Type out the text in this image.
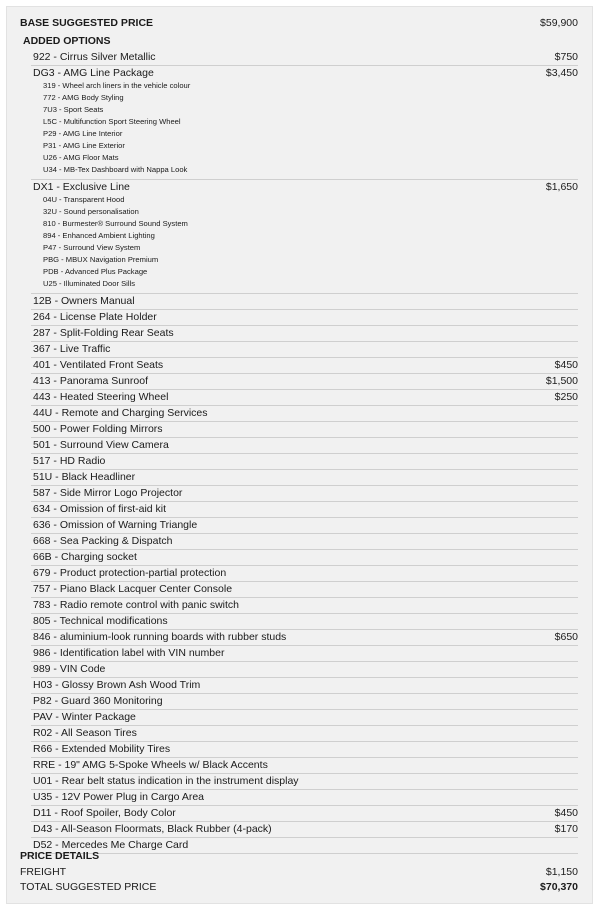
BASE SUGGESTED PRICE	$59,900
ADDED OPTIONS
922 - Cirrus Silver Metallic	$750
DG3 - AMG Line Package	$3,450
319 - Wheel arch liners in the vehicle colour
772 - AMG Body Styling
7U3 - Sport Seats
L5C - Multifunction Sport Steering Wheel
P29 - AMG Line Interior
P31 - AMG Line Exterior
U26 - AMG Floor Mats
U34 - MB-Tex Dashboard with Nappa Look
DX1 - Exclusive Line	$1,650
04U - Transparent Hood
32U - Sound personalisation
810 - Burmester® Surround Sound System
894 - Enhanced Ambient Lighting
P47 - Surround View System
PBG - MBUX Navigation Premium
PDB - Advanced Plus Package
U25 - Illuminated Door Sills
12B - Owners Manual
264 - License Plate Holder
287 - Split-Folding Rear Seats
367 - Live Traffic
401 - Ventilated Front Seats	$450
413 - Panorama Sunroof	$1,500
443 - Heated Steering Wheel	$250
44U - Remote and Charging Services
500 - Power Folding Mirrors
501 - Surround View Camera
517 - HD Radio
51U - Black Headliner
587 - Side Mirror Logo Projector
634 - Omission of first-aid kit
636 - Omission of Warning Triangle
668 - Sea Packing & Dispatch
66B - Charging socket
679 - Product protection-partial protection
757 - Piano Black Lacquer Center Console
783 - Radio remote control with panic switch
805 - Technical modifications
846 - aluminium-look running boards with rubber studs	$650
986 - Identification label with VIN number
989 - VIN Code
H03 - Glossy Brown Ash Wood Trim
P82 - Guard 360 Monitoring
PAV - Winter Package
R02 - All Season Tires
R66 - Extended Mobility Tires
RRE - 19" AMG 5-Spoke Wheels w/ Black Accents
U01 - Rear belt status indication in the instrument display
U35 - 12V Power Plug in Cargo Area
D11 - Roof Spoiler, Body Color	$450
D43 - All-Season Floormats, Black Rubber (4-pack)	$170
D52 - Mercedes Me Charge Card
PRICE DETAILS
FREIGHT	$1,150
TOTAL SUGGESTED PRICE	$70,370
